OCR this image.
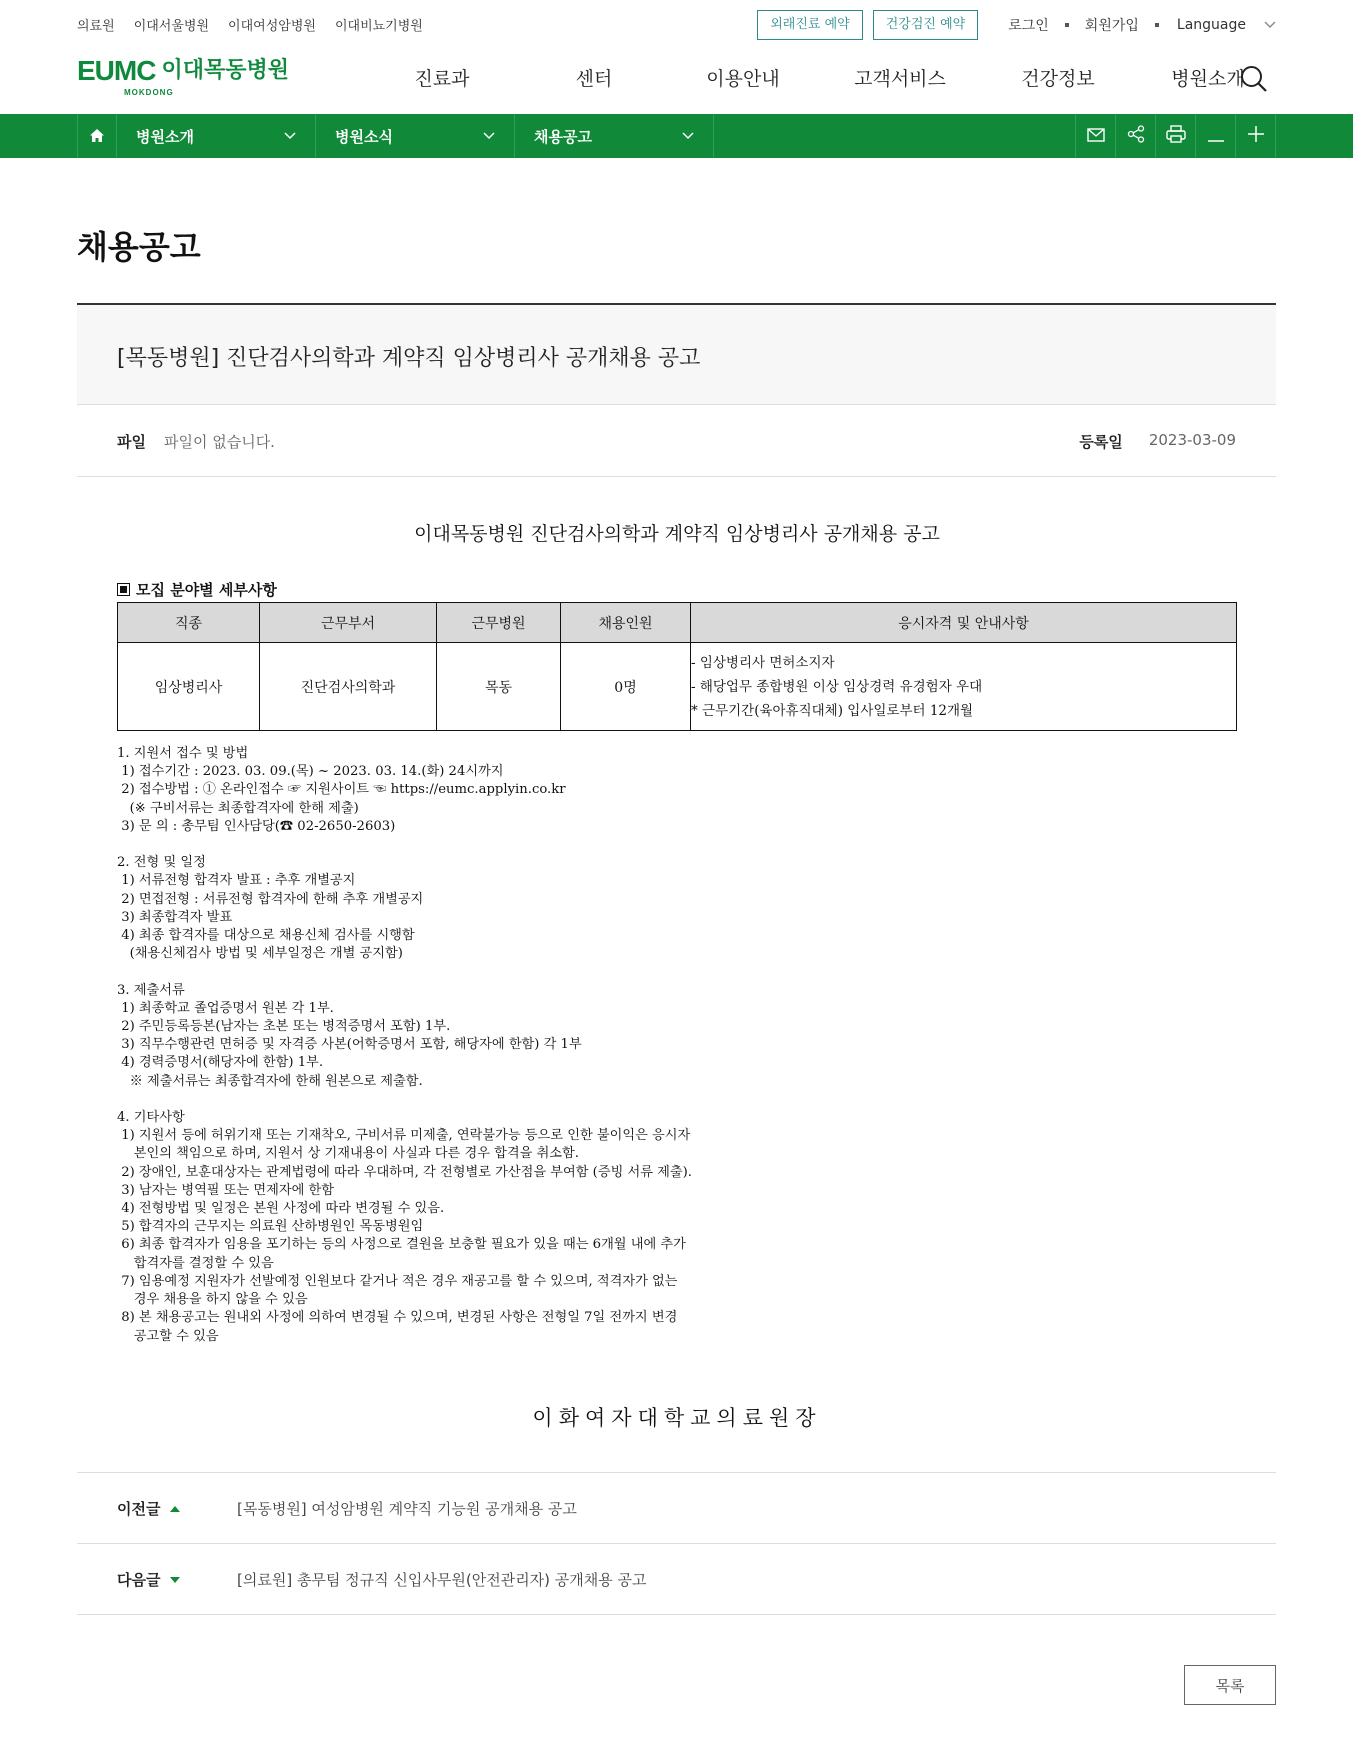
의료원 이대서울병원 이대여성암병원 이대비뇨기병원	외래진료 예약	건강검진 예약	로그인	회원가입	Language
EUMC 이대목동병원
MOKDONG
진료과	센터	이용안내	고객서비스	건강정보	병원소개
병원소개	병원소식	채용공고
채용공고
[목동병원] 진단검사의학과 계약직 임상병리사 공개채용 공고
파일 파일이 없습니다.	등록일 2023-03-09
이대목동병원 진단검사의학과 계약직 임상병리사 공개채용 공고
모집 분야별 세부사항
직종	근무부서	근무병원	채용인원	응시자격 및 안내사항
임상병리사	진단검사의학과	목동	0명	- 임상병리사 면허소지자
- 해당업무 종합병원 이상 임상경력 유경험자 우대
* 근무기간(육아휴직대체) 입사일로부터 12개월
1. 지원서 접수 및 방법
1) 접수기간 : 2023. 03. 09.(목) ~ 2023. 03. 14.(화) 24시까지
2) 접수방법 : ① 온라인접수 ☞ 지원사이트 ☜ https://eumc.applyin.co.kr
(※ 구비서류는 최종합격자에 한해 제출)
3) 문 의 : 총무팀 인사담당(☎ 02-2650-2603)

2. 전형 및 일정
1) 서류전형 합격자 발표 : 추후 개별공지
2) 면접전형 : 서류전형 합격자에 한해 추후 개별공지
3) 최종합격자 발표
4) 최종 합격자를 대상으로 채용신체 검사를 시행함
(채용신체검사 방법 및 세부일정은 개별 공지함)

3. 제출서류
1) 최종학교 졸업증명서 원본 각 1부.
2) 주민등록등본(남자는 초본 또는 병적증명서 포함) 1부.
3) 직무수행관련 면허증 및 자격증 사본(어학증명서 포함, 해당자에 한함) 각 1부
4) 경력증명서(해당자에 한함) 1부.
※ 제출서류는 최종합격자에 한해 원본으로 제출함.

4. 기타사항
1) 지원서 등에 허위기재 또는 기재착오, 구비서류 미제출, 연락불가능 등으로 인한 불이익은 응시자
본인의 책임으로 하며, 지원서 상 기재내용이 사실과 다른 경우 합격을 취소함.
2) 장애인, 보훈대상자는 관계법령에 따라 우대하며, 각 전형별로 가산점을 부여함 (증빙 서류 제출).
3) 남자는 병역필 또는 면제자에 한함
4) 전형방법 및 일정은 본원 사정에 따라 변경될 수 있음.
5) 합격자의 근무지는 의료원 산하병원인 목동병원임
6) 최종 합격자가 임용을 포기하는 등의 사정으로 결원을 보충할 필요가 있을 때는 6개월 내에 추가
합격자를 결정할 수 있음
7) 임용예정 지원자가 선발예정 인원보다 같거나 적은 경우 재공고를 할 수 있으며, 적격자가 없는
경우 채용을 하지 않을 수 있음
8) 본 채용공고는 원내외 사정에 의하여 변경될 수 있으며, 변경된 사항은 전형일 7일 전까지 변경
공고할 수 있음
이화여자대학교의료원장
이전글	[목동병원] 여성암병원 계약직 기능원 공개채용 공고
다음글	[의료원] 총무팀 정규직 신입사무원(안전관리자) 공개채용 공고
목록
